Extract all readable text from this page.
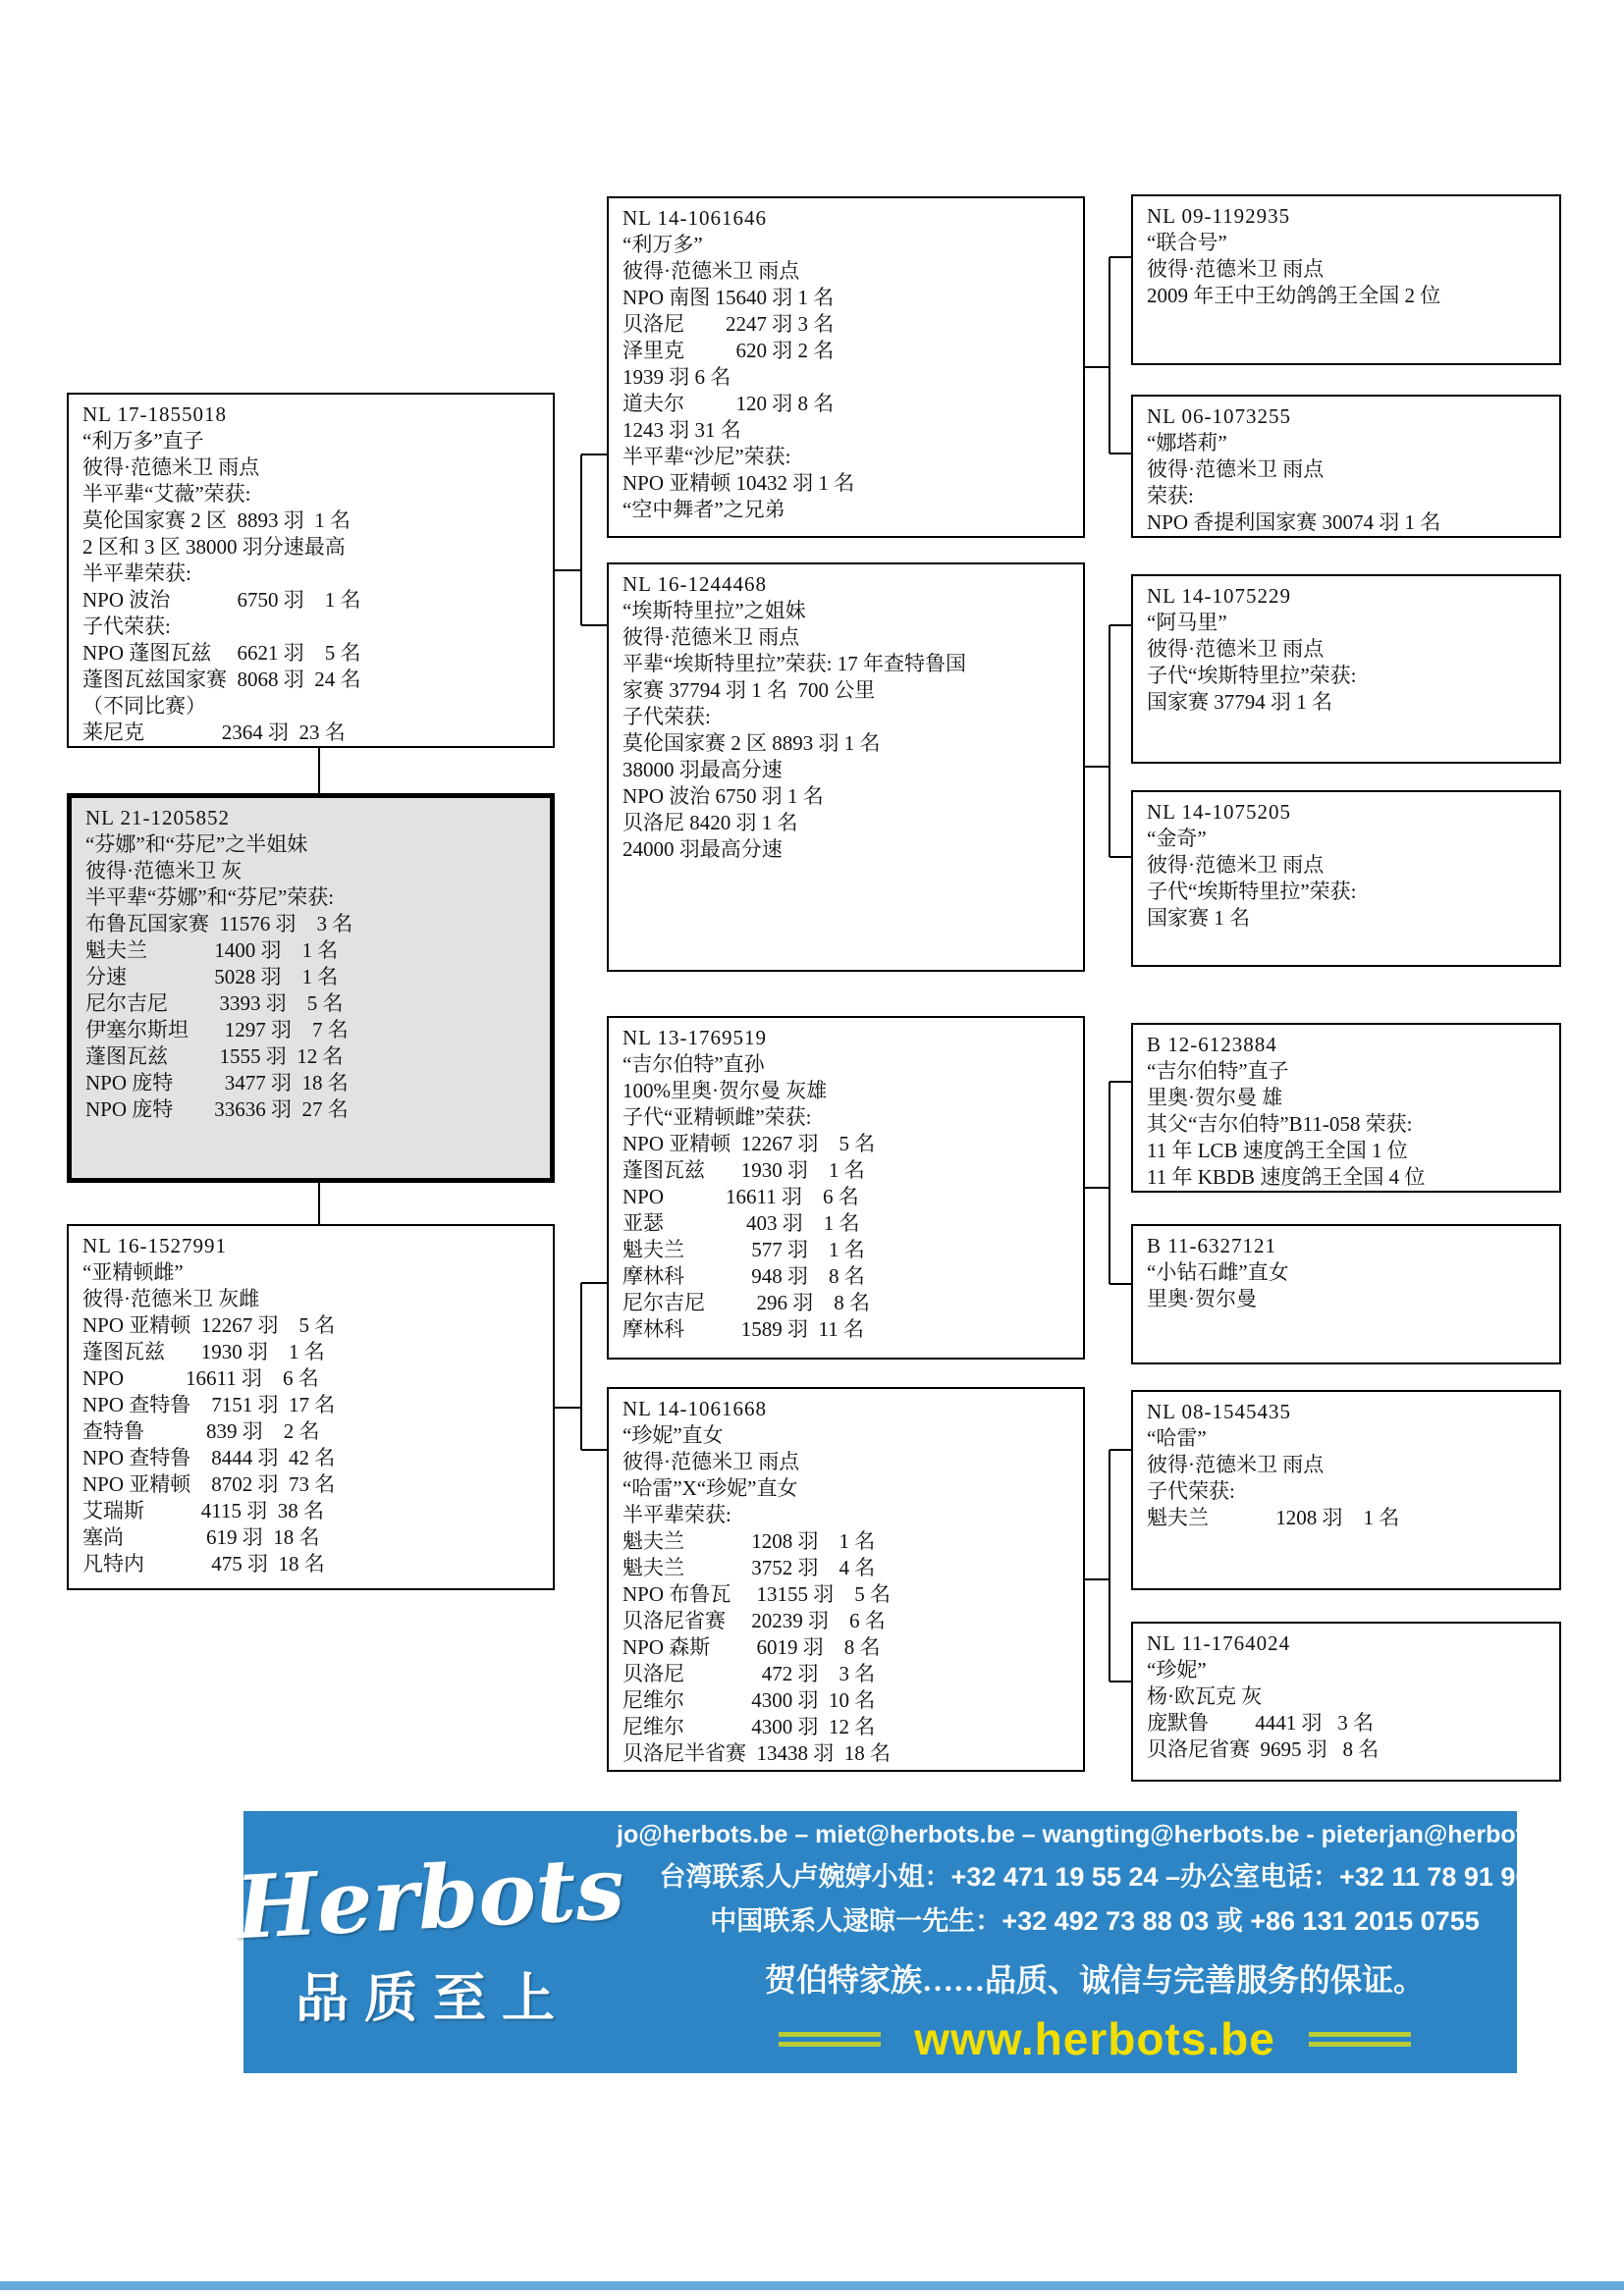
NL 17-1855018
“利万多”直子
彼得·范德米卫 雨点
半平辈“艾薇”荣获:
莫伦国家赛 2 区  8893 羽  1 名
2 区和 3 区 38000 羽分速最高
半平辈荣获:
NPO 波治             6750 羽    1 名
子代荣获:
NPO 蓬图瓦兹     6621 羽    5 名
蓬图瓦兹国家赛  8068 羽  24 名
（不同比赛）
莱尼克               2364 羽  23 名
NL 21-1205852
“芬娜”和“芬尼”之半姐妹
彼得·范德米卫 灰
半平辈“芬娜”和“芬尼”荣获:
布鲁瓦国家赛  11576 羽    3 名
魁夫兰             1400 羽    1 名
分速                 5028 羽    1 名
尼尔吉尼          3393 羽    5 名
伊塞尔斯坦       1297 羽    7 名
蓬图瓦兹          1555 羽  12 名
NPO 庞特          3477 羽  18 名
NPO 庞特        33636 羽  27 名
NL 16-1527991
“亚精顿雌”
彼得·范德米卫 灰雌
NPO 亚精顿  12267 羽    5 名
蓬图瓦兹       1930 羽    1 名
NPO            16611 羽    6 名
NPO 查特鲁    7151 羽  17 名
查特鲁            839 羽    2 名
NPO 查特鲁    8444 羽  42 名
NPO 亚精顿    8702 羽  73 名
艾瑞斯           4115 羽  38 名
塞尚                619 羽  18 名
凡特内             475 羽  18 名
NL 14-1061646
“利万多”
彼得·范德米卫 雨点
NPO 南图 15640 羽 1 名
贝洛尼        2247 羽 3 名
泽里克          620 羽 2 名
1939 羽 6 名
道夫尔          120 羽 8 名
1243 羽 31 名
半平辈“沙尼”荣获:
NPO 亚精顿 10432 羽 1 名
“空中舞者”之兄弟
NL 16-1244468
“埃斯特里拉”之姐妹
彼得·范德米卫 雨点
平辈“埃斯特里拉”荣获: 17 年查特鲁国
家赛 37794 羽 1 名  700 公里
子代荣获:
莫伦国家赛 2 区 8893 羽 1 名
38000 羽最高分速
NPO 波治 6750 羽 1 名
贝洛尼 8420 羽 1 名
24000 羽最高分速
NL 13-1769519
“吉尔伯特”直孙
100%里奥·贺尔曼 灰雄
子代“亚精顿雌”荣获:
NPO 亚精顿  12267 羽    5 名
蓬图瓦兹       1930 羽    1 名
NPO            16611 羽    6 名
亚瑟                403 羽    1 名
魁夫兰             577 羽    1 名
摩林科             948 羽    8 名
尼尔吉尼          296 羽    8 名
摩林科           1589 羽  11 名
NL 14-1061668
“珍妮”直女
彼得·范德米卫 雨点
“哈雷”X“珍妮”直女
半平辈荣获:
魁夫兰             1208 羽    1 名
魁夫兰             3752 羽    4 名
NPO 布鲁瓦     13155 羽    5 名
贝洛尼省赛     20239 羽    6 名
NPO 森斯         6019 羽    8 名
贝洛尼               472 羽    3 名
尼维尔             4300 羽  10 名
尼维尔             4300 羽  12 名
贝洛尼半省赛  13438 羽  18 名
NL 09-1192935
“联合号”
彼得·范德米卫 雨点
2009 年王中王幼鸽鸽王全国 2 位
NL 06-1073255
“娜塔莉”
彼得·范德米卫 雨点
荣获:
NPO 香提利国家赛 30074 羽 1 名
NL 14-1075229
“阿马里”
彼得·范德米卫 雨点
子代“埃斯特里拉”荣获:
国家赛 37794 羽 1 名
NL 14-1075205
“金奇”
彼得·范德米卫 雨点
子代“埃斯特里拉”荣获:
国家赛 1 名
B 12-6123884
“吉尔伯特”直子
里奥·贺尔曼 雄
其父“吉尔伯特”B11-058 荣获:
11 年 LCB 速度鸽王全国 1 位
11 年 KBDB 速度鸽王全国 4 位
B 11-6327121
“小钻石雌”直女
里奥·贺尔曼
NL 08-1545435
“哈雷”
彼得·范德米卫 雨点
子代荣获:
魁夫兰             1208 羽    1 名
NL 11-1764024
“珍妮”
杨·欧瓦克 灰
庞默鲁         4441 羽   3 名
贝洛尼省赛  9695 羽   8 名
Herbots
品质至上
jo@herbots.be – miet@herbots.be – wangting@herbots.be - pieterjan@herbots.be
台湾联系人卢婉婷小姐：+32 471 19 55 24 –办公室电话：+32 11 78 91 90
中国联系人逯晾一先生：+32 492 73 88 03 或 +86 131 2015 0755
贺伯特家族……品质、诚信与完善服务的保证。
www.herbots.be
